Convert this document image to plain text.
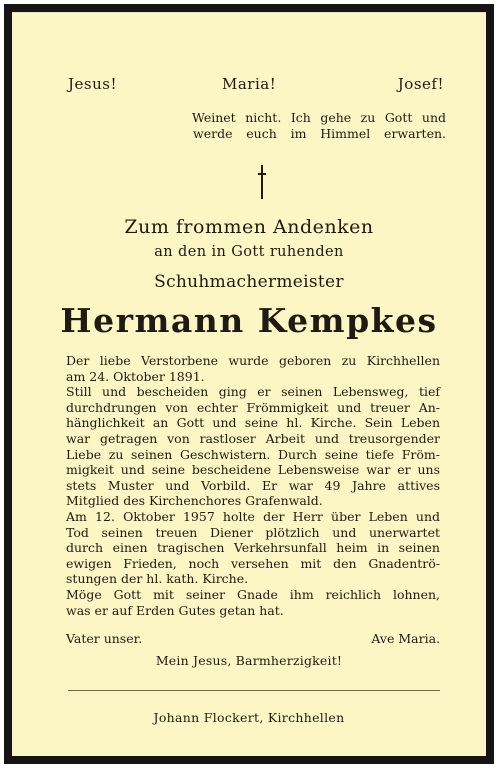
Jesus!	Maria!	Josef!

Weinet nicht. Ich gehe zu Gott und
werde euch im Himmel erwarten.

Zum frommen Andenken

an den in Gott ruhenden

Schuhmachermeister

Hermann Kempkes

Der liebe Verstorbene wurde geboren zu Kirchhellen
am 24. Oktober 1891.
Still und bescheiden ging er seinen Lebensweg, tief
durchdrungen von echter Frömmigkeit und treuer An-
hänglichkeit an Gott und seine hl. Kirche. Sein Leben
war getragen von rastloser Arbeit und treusorgender
Liebe zu seinen Geschwistern. Durch seine tiefe Fröm-
migkeit und seine bescheidene Lebensweise war er uns
stets Muster und Vorbild. Er war 49 Jahre attives
Mitglied des Kirchenchores Grafenwald.
Am 12. Oktober 1957 holte der Herr über Leben und
Tod seinen treuen Diener plötzlich und unerwartet
durch einen tragischen Verkehrsunfall heim in seinen
ewigen Frieden, noch versehen mit den Gnadentrö-
stungen der hl. kath. Kirche.
Möge Gott mit seiner Gnade ihm reichlich lohnen,
was er auf Erden Gutes getan hat.

Vater unser.	Ave Maria.

Mein Jesus, Barmherzigkeit!

Johann Flockert, Kirchhellen
